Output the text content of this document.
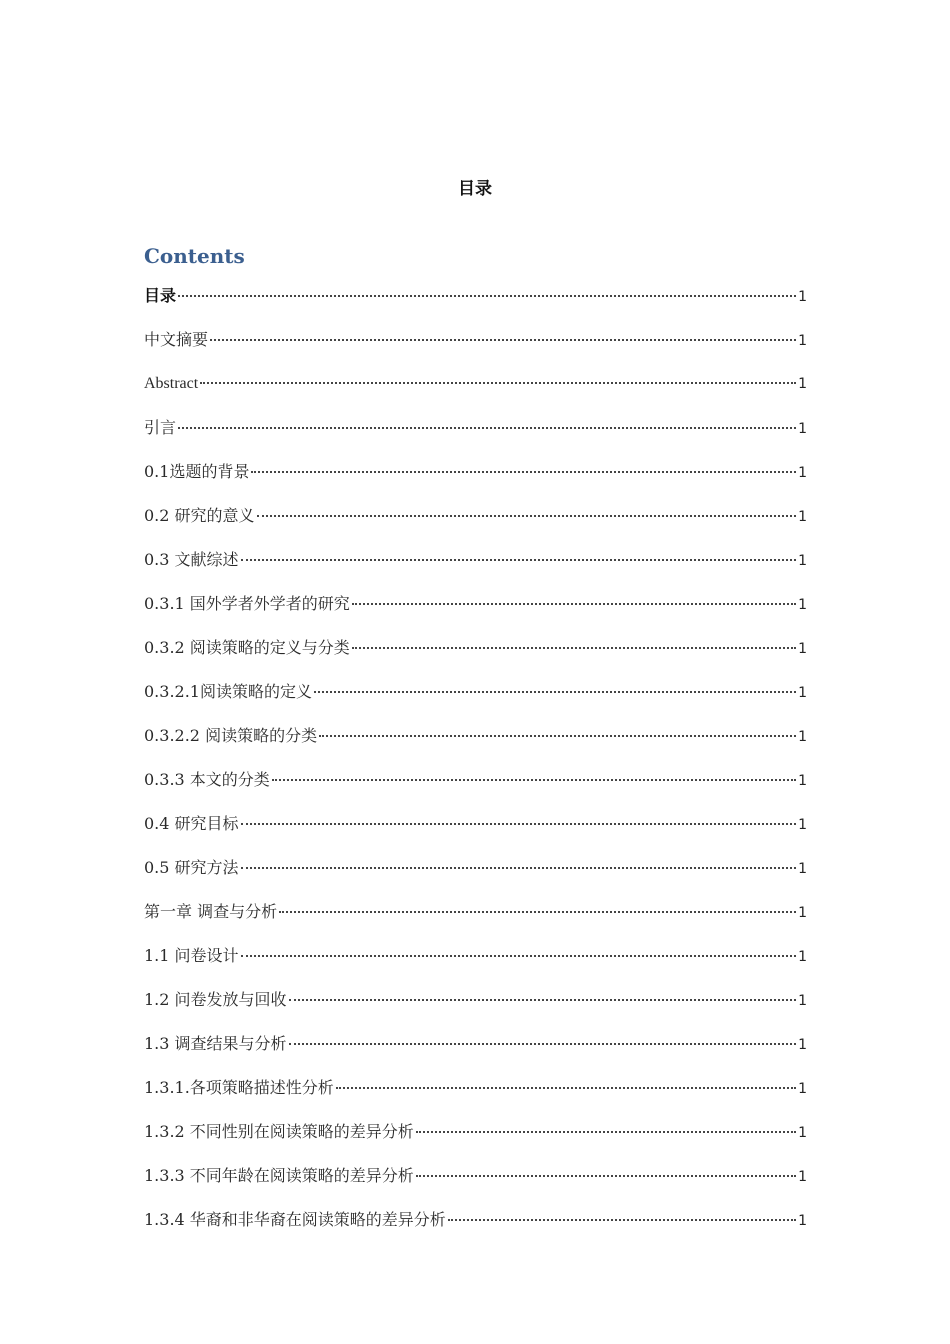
目录
Contents
目录	1
中文摘要	1
Abstract	1
引言	1
0.1选题的背景	1
0.2 研究的意义	1
0.3 文献综述	1
0.3.1 国外学者外学者的研究	1
0.3.2 阅读策略的定义与分类	1
0.3.2.1阅读策略的定义	1
0.3.2.2 阅读策略的分类	1
0.3.3 本文的分类	1
0.4 研究目标	1
0.5 研究方法	1
第一章 调查与分析	1
1.1 问卷设计	1
1.2 问卷发放与回收	1
1.3 调查结果与分析	1
1.3.1.各项策略描述性分析	1
1.3.2 不同性别在阅读策略的差异分析	1
1.3.3 不同年龄在阅读策略的差异分析	1
1.3.4 华裔和非华裔在阅读策略的差异分析	1
